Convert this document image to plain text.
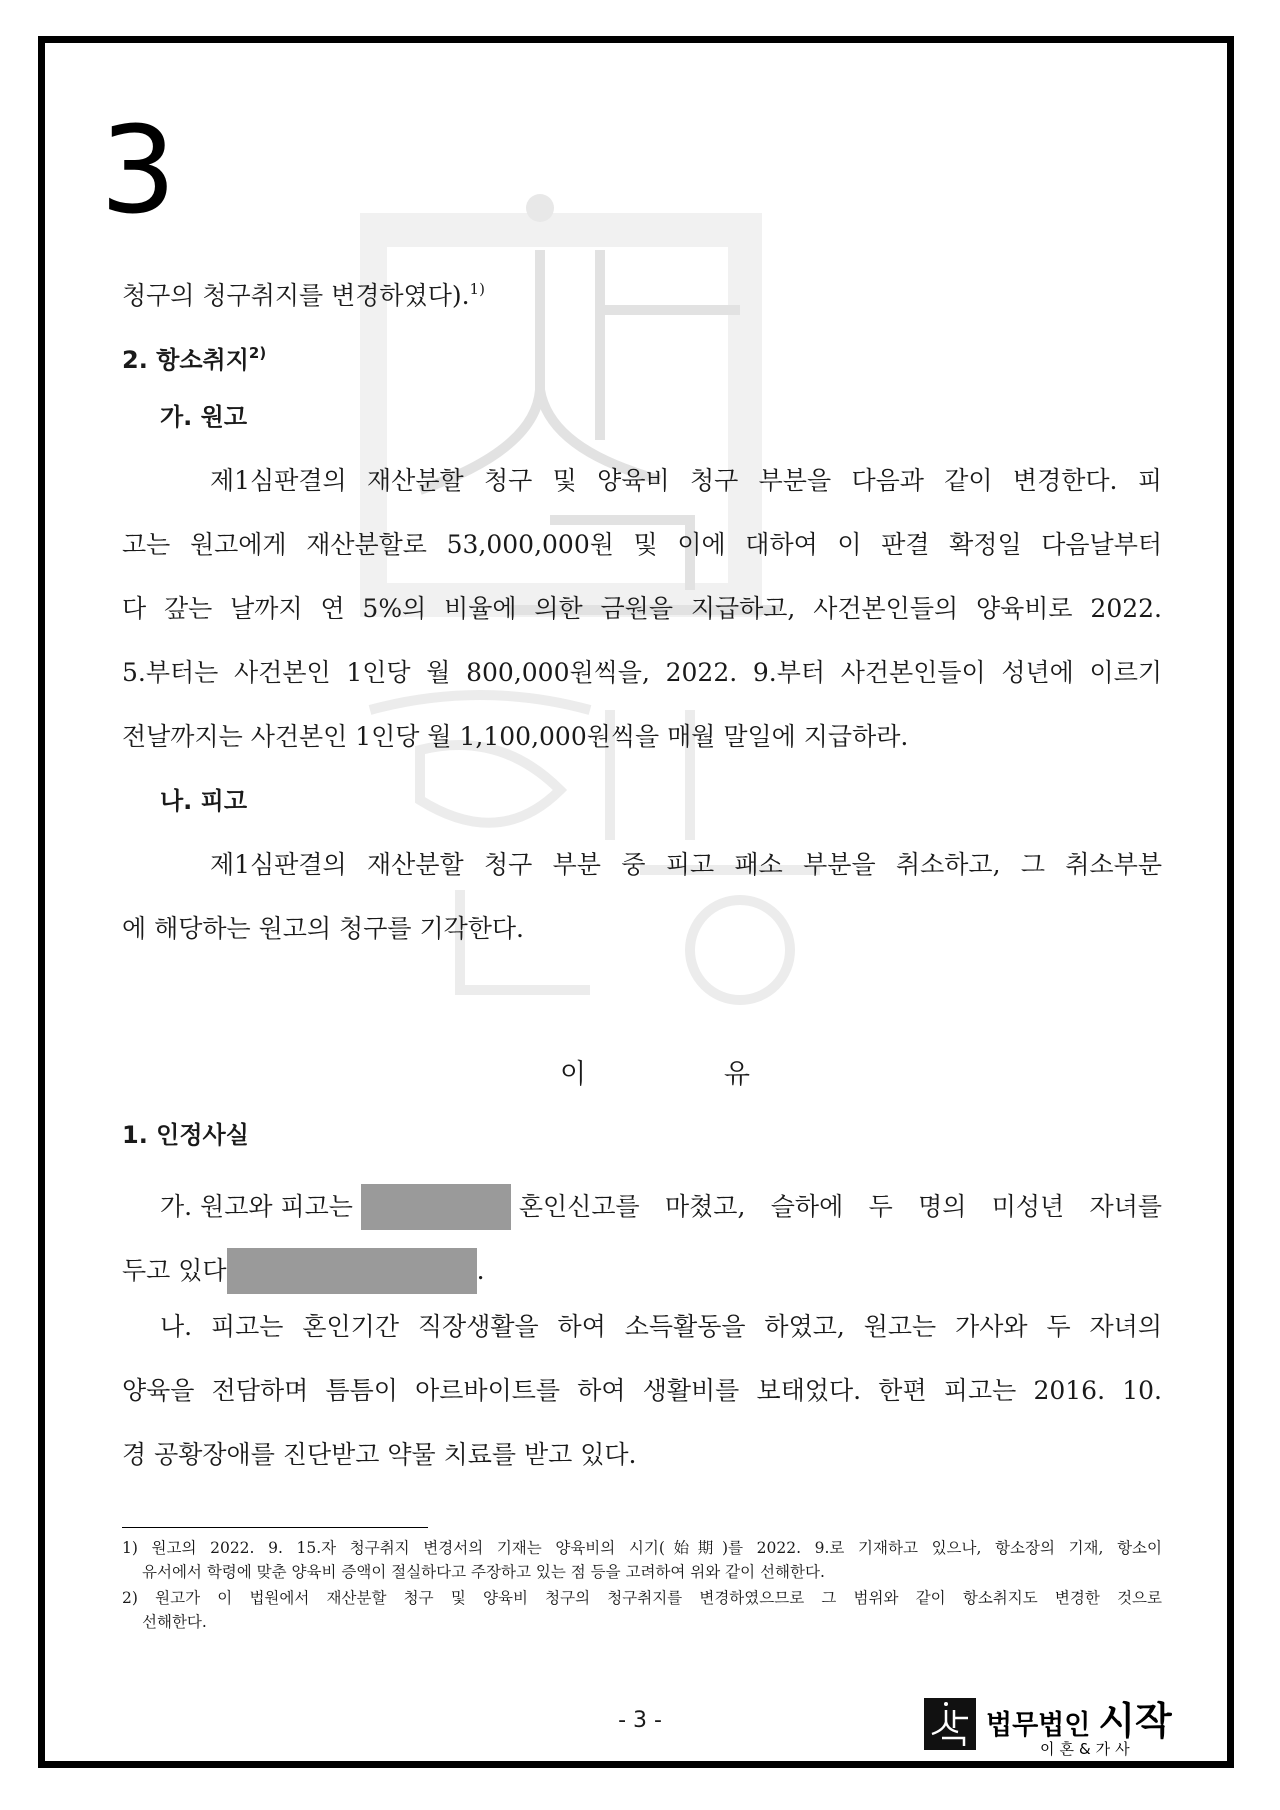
3
청구의 청구취지를 변경하였다).$^{1)}$
2. 항소취지$^{2)}$
가. 원고
제1심판결의 재산분할 청구 및 양육비 청구 부분을 다음과 같이 변경한다. 피
고는 원고에게 재산분할로 53,000,000원 및 이에 대하여 이 판결 확정일 다음날부터
다 갚는 날까지 연 5%의 비율에 의한 금원을 지급하고, 사건본인들의 양육비로 2022.
5.부터는 사건본인 1인당 월 800,000원씩을, 2022. 9.부터 사건본인들이 성년에 이르기
전날까지는 사건본인 1인당 월 1,100,000원씩을 매월 말일에 지급하라.
나. 피고
제1심판결의 재산분할 청구 부분 중 피고 패소 부분을 취소하고, 그 취소부분
에 해당하는 원고의 청구를 기각한다.
이	유
1. 인정사실
가. 원고와 피고는	혼인신고를 마쳤고, 슬하에 두 명의 미성년 자녀를
두고 있다	.
나. 피고는 혼인기간 직장생활을 하여 소득활동을 하였고, 원고는 가사와 두 자녀의
양육을 전담하며 틈틈이 아르바이트를 하여 생활비를 보태었다. 한편 피고는 2016. 10.
경 공황장애를 진단받고 약물 치료를 받고 있다.
1) 원고의 2022. 9. 15.자 청구취지 변경서의 기재는 양육비의 시기(始期)를 2022. 9.로 기재하고 있으나, 항소장의 기재, 항소이
유서에서 학령에 맞춘 양육비 증액이 절실하다고 주장하고 있는 점 등을 고려하여 위와 같이 선해한다.
2) 원고가 이 법원에서 재산분할 청구 및 양육비 청구의 청구취지를 변경하였으므로 그 범위와 같이 항소취지도 변경한 것으로
선해한다.
- 3 -	법무법인 시작
이혼&가사
